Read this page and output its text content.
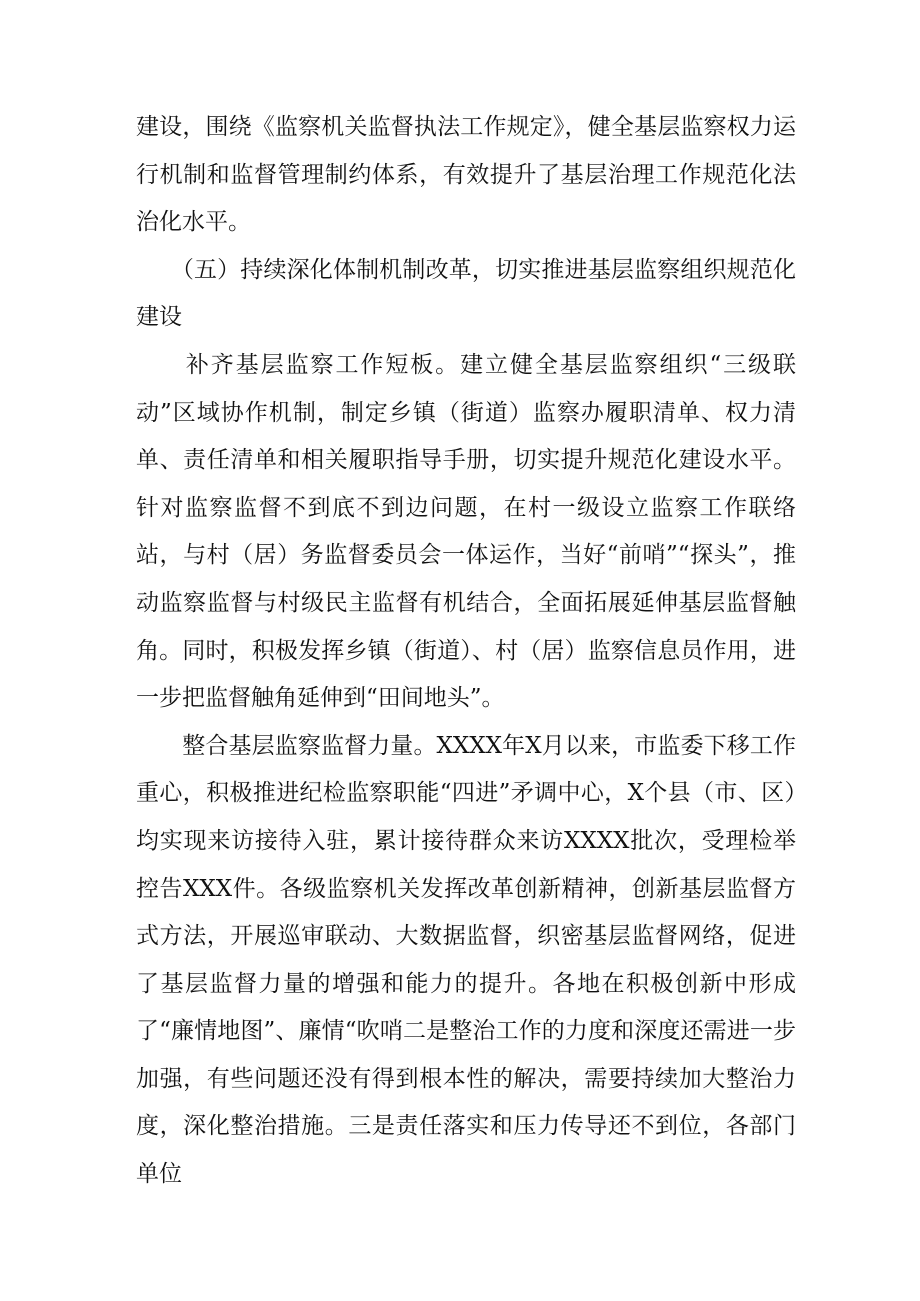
建设，围绕《监察机关监督执法工作规定》，健全基层监察权力运行机制和监督管理制约体系，有效提升了基层治理工作规范化法治化水平。

　　（五）持续深化体制机制改革，切实推进基层监察组织规范化建设

　　补齐基层监察工作短板。建立健全基层监察组织“三级联动”区域协作机制，制定乡镇（街道）监察办履职清单、权力清单、责任清单和相关履职指导手册，切实提升规范化建设水平。针对监察监督不到底不到边问题，在村一级设立监察工作联络站，与村（居）务监督委员会一体运作，当好“前哨”“探头”，推动监察监督与村级民主监督有机结合，全面拓展延伸基层监督触角。同时，积极发挥乡镇（街道）、村（居）监察信息员作用，进一步把监督触角延伸到“田间地头”。

　　整合基层监察监督力量。XXXX年X月以来，市监委下移工作重心，积极推进纪检监察职能“四进”矛调中心，X个县（市、区）均实现来访接待入驻，累计接待群众来访XXXX批次，受理检举控告XXX件。各级监察机关发挥改革创新精神，创新基层监督方式方法，开展巡审联动、大数据监督，织密基层监督网络，促进了基层监督力量的增强和能力的提升。各地在积极创新中形成了“廉情地图”、廉情“吹哨二是整治工作的力度和深度还需进一步加强，有些问题还没有得到根本性的解决，需要持续加大整治力度，深化整治措施。三是责任落实和压力传导还不到位，各部门单位
